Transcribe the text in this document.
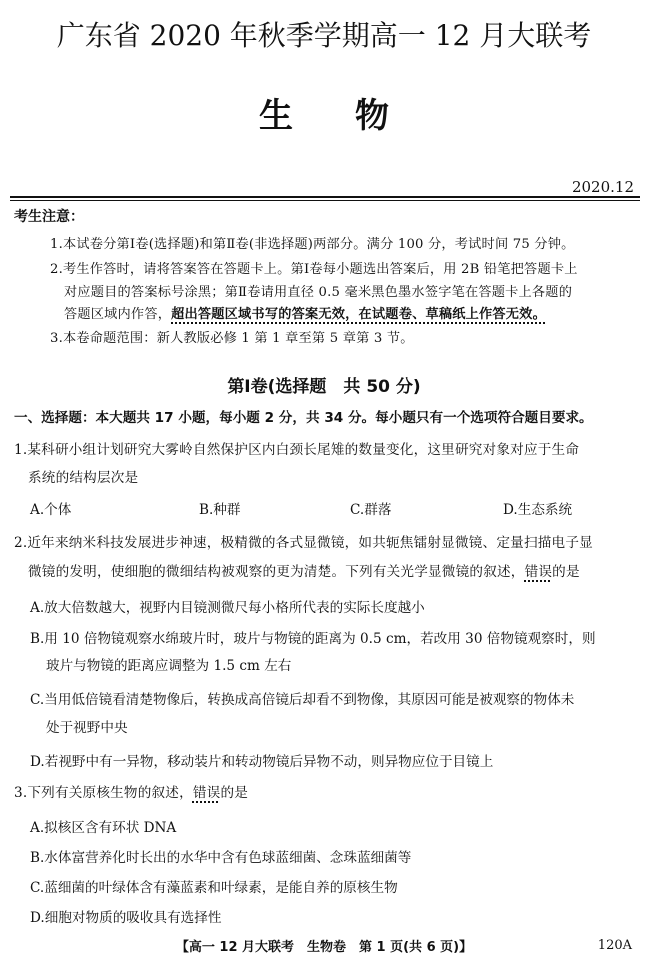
广东省 2020 年秋季学期高一 12 月大联考
生物
2020.12
考生注意：
1.本试卷分第Ⅰ卷(选择题)和第Ⅱ卷(非选择题)两部分。满分 100 分，考试时间 75 分钟。
2.考生作答时，请将答案答在答题卡上。第Ⅰ卷每小题选出答案后，用 2B 铅笔把答题卡上
对应题目的答案标号涂黑；第Ⅱ卷请用直径 0.5 毫米黑色墨水签字笔在答题卡上各题的
答题区域内作答，超出答题区域书写的答案无效，在试题卷、草稿纸上作答无效。
3.本卷命题范围：新人教版必修 1 第 1 章至第 5 章第 3 节。
第Ⅰ卷(选择题　共 50 分)
一、选择题：本大题共 17 小题，每小题 2 分，共 34 分。每小题只有一个选项符合题目要求。
1.某科研小组计划研究大雾岭自然保护区内白颈长尾雉的数量变化，这里研究对象对应于生命
系统的结构层次是
A.个体	B.种群	C.群落	D.生态系统
2.近年来纳米科技发展进步神速，极精微的各式显微镜，如共轭焦镭射显微镜、定量扫描电子显
微镜的发明，使细胞的微细结构被观察的更为清楚。下列有关光学显微镜的叙述，错误的是
A.放大倍数越大，视野内目镜测微尺每小格所代表的实际长度越小
B.用 10 倍物镜观察水绵玻片时，玻片与物镜的距离为 0.5 cm，若改用 30 倍物镜观察时，则
玻片与物镜的距离应调整为 1.5 cm 左右
C.当用低倍镜看清楚物像后，转换成高倍镜后却看不到物像，其原因可能是被观察的物体未
处于视野中央
D.若视野中有一异物，移动装片和转动物镜后异物不动，则异物应位于目镜上
3.下列有关原核生物的叙述，错误的是
A.拟核区含有环状 DNA
B.水体富营养化时长出的水华中含有色球蓝细菌、念珠蓝细菌等
C.蓝细菌的叶绿体含有藻蓝素和叶绿素，是能自养的原核生物
D.细胞对物质的吸收具有选择性
【高一 12 月大联考　生物卷　第 1 页(共 6 页)】	120A
